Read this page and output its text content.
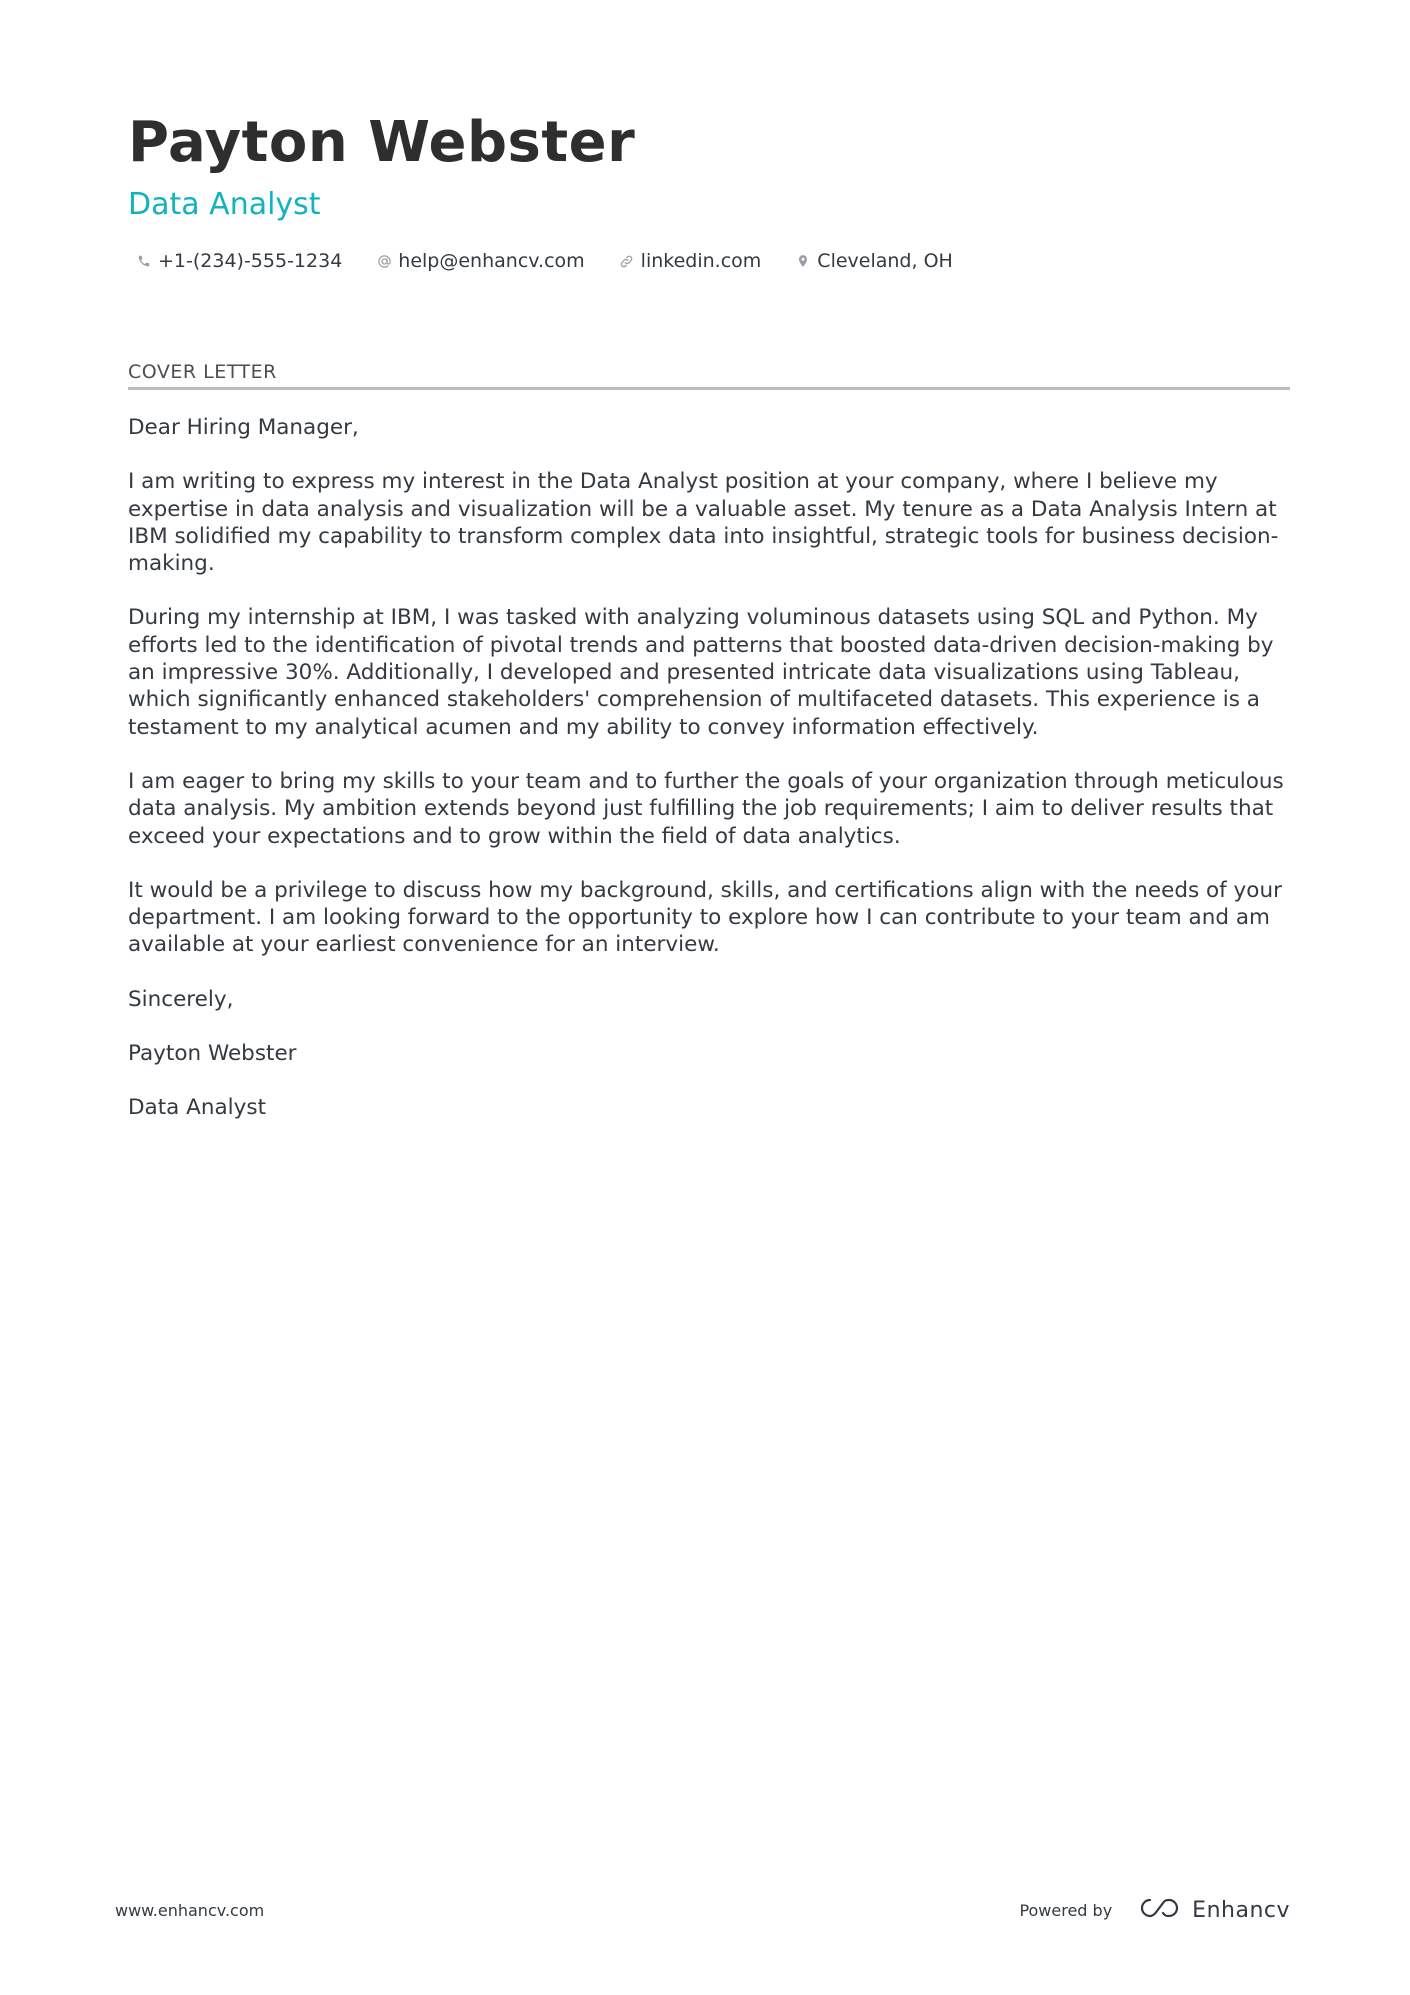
Payton Webster
Data Analyst
+1-(234)-555-1234	help@enhancv.com	linkedin.com	Cleveland, OH
COVER LETTER

Dear Hiring Manager,

I am writing to express my interest in the Data Analyst position at your company, where I believe my expertise in data analysis and visualization will be a valuable asset. My tenure as a Data Analysis Intern at IBM solidified my capability to transform complex data into insightful, strategic tools for business decision-making.

During my internship at IBM, I was tasked with analyzing voluminous datasets using SQL and Python. My efforts led to the identification of pivotal trends and patterns that boosted data-driven decision-making by an impressive 30%. Additionally, I developed and presented intricate data visualizations using Tableau, which significantly enhanced stakeholders' comprehension of multifaceted datasets. This experience is a testament to my analytical acumen and my ability to convey information effectively.

I am eager to bring my skills to your team and to further the goals of your organization through meticulous data analysis. My ambition extends beyond just fulfilling the job requirements; I aim to deliver results that exceed your expectations and to grow within the field of data analytics.

It would be a privilege to discuss how my background, skills, and certifications align with the needs of your department. I am looking forward to the opportunity to explore how I can contribute to your team and am available at your earliest convenience for an interview.

Sincerely,

Payton Webster

Data Analyst

www.enhancv.com	Powered by	Enhancv
